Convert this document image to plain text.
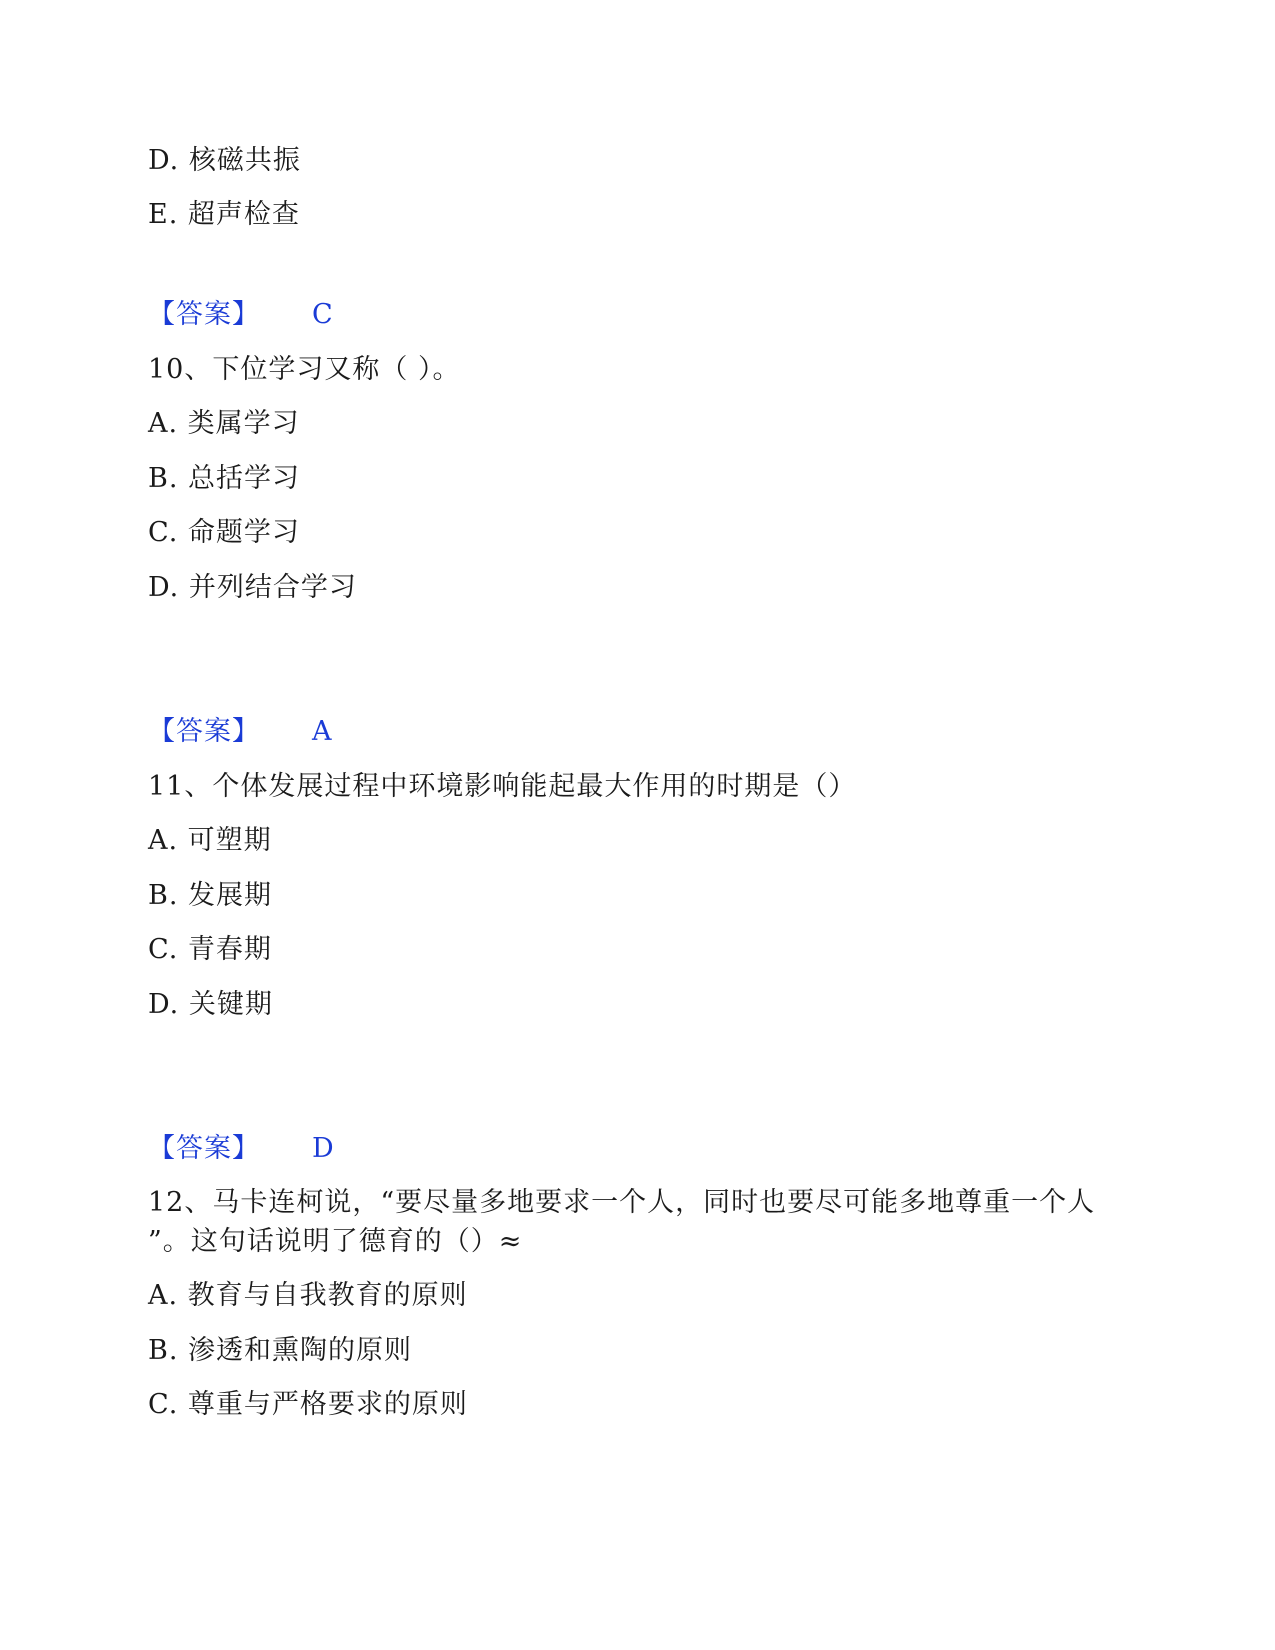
D. 核磁共振
E. 超声检查
【答案】 C
10、下位学习又称（ ）。
A. 类属学习
B. 总括学习
C. 命题学习
D. 并列结合学习
【答案】 A
11、个体发展过程中环境影响能起最大作用的时期是（）
A. 可塑期
B. 发展期
C. 青春期
D. 关键期
【答案】 D
12、马卡连柯说，“要尽量多地要求一个人，同时也要尽可能多地尊重一个人
”。这句话说明了德育的（）≈
A. 教育与自我教育的原则
B. 渗透和熏陶的原则
C. 尊重与严格要求的原则
